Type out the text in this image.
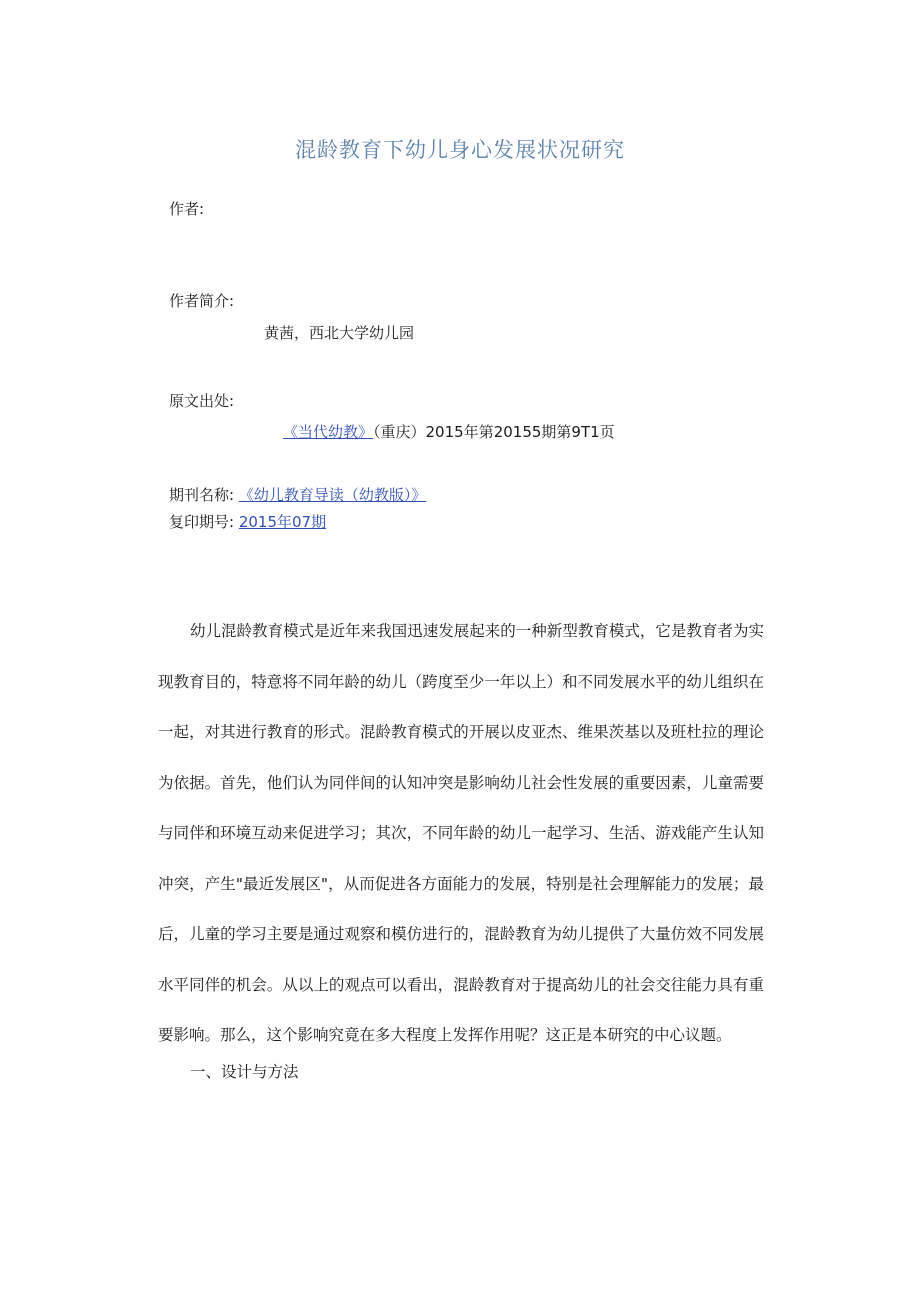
混龄教育下幼儿身心发展状况研究
作者:
作者简介:
黄茜，西北大学幼儿园
原文出处:
《当代幼教》（重庆）2015年第20155期第9T1页
期刊名称: 《幼儿教育导读（幼教版）》
复印期号: 2015年07期

幼儿混龄教育模式是近年来我国迅速发展起来的一种新型教育模式，它是教育者为实现教育目的，特意将不同年龄的幼儿（跨度至少一年以上）和不同发展水平的幼儿组织在一起，对其进行教育的形式。混龄教育模式的开展以皮亚杰、维果茨基以及班杜拉的理论为依据。首先，他们认为同伴间的认知冲突是影响幼儿社会性发展的重要因素，儿童需要与同伴和环境互动来促进学习；其次，不同年龄的幼儿一起学习、生活、游戏能产生认知冲突，产生"最近发展区"，从而促进各方面能力的发展，特别是社会理解能力的发展；最后，儿童的学习主要是通过观察和模仿进行的，混龄教育为幼儿提供了大量仿效不同发展水平同伴的机会。从以上的观点可以看出，混龄教育对于提高幼儿的社会交往能力具有重要影响。那么，这个影响究竟在多大程度上发挥作用呢？这正是本研究的中心议题。

一、设计与方法
